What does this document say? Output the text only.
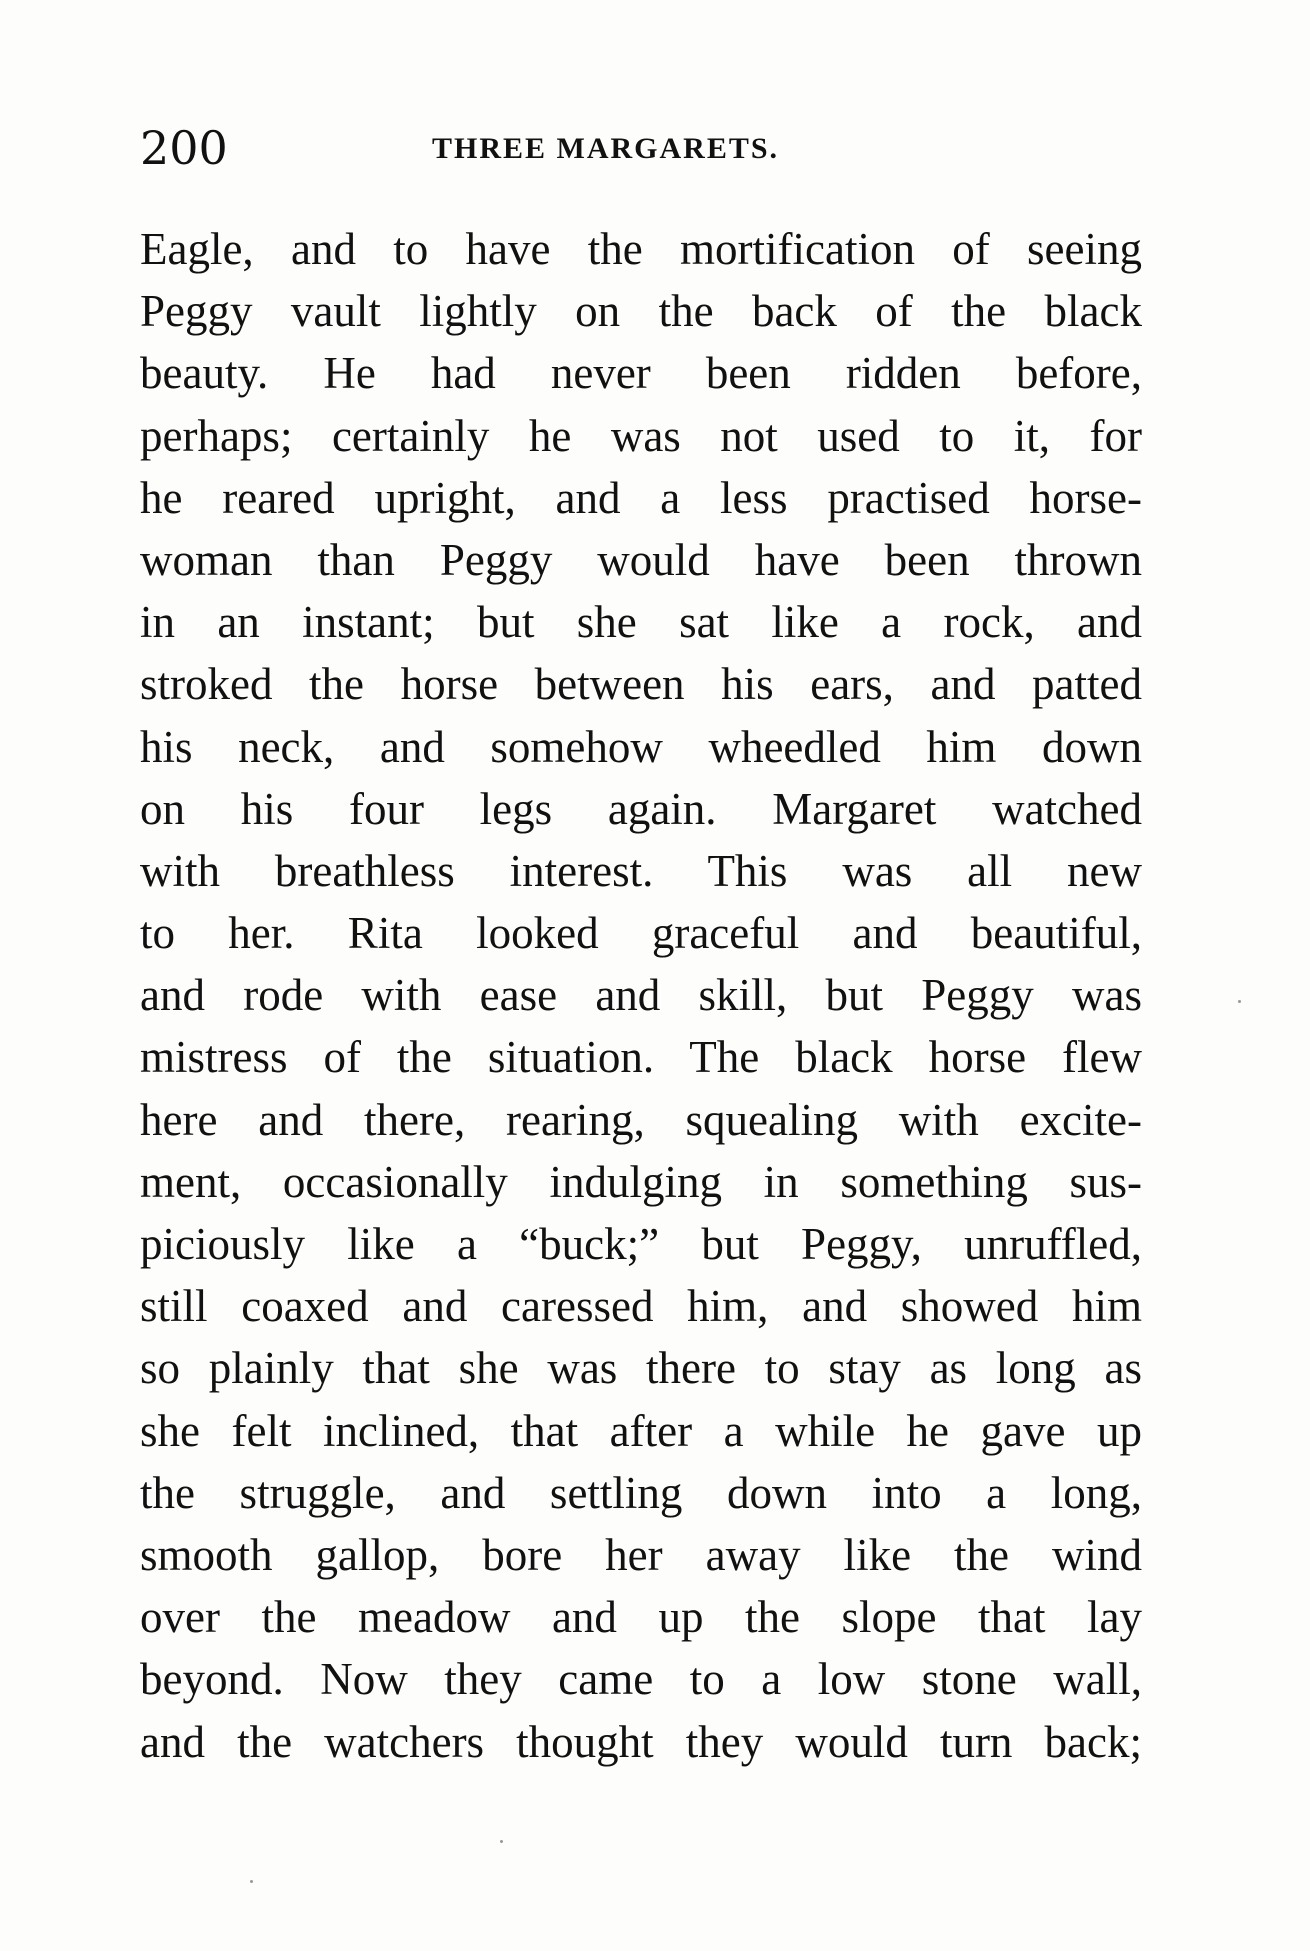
200	THREE MARGARETS.
Eagle, and to have the mortification of seeing
Peggy vault lightly on the back of the black
beauty. He had never been ridden before,
perhaps; certainly he was not used to it, for
he reared upright, and a less practised horse-
woman than Peggy would have been thrown
in an instant; but she sat like a rock, and
stroked the horse between his ears, and patted
his neck, and somehow wheedled him down
on his four legs again. Margaret watched
with breathless interest. This was all new
to her. Rita looked graceful and beautiful,
and rode with ease and skill, but Peggy was
mistress of the situation. The black horse flew
here and there, rearing, squealing with excite-
ment, occasionally indulging in something sus-
piciously like a “buck;” but Peggy, unruffled,
still coaxed and caressed him, and showed him
so plainly that she was there to stay as long as
she felt inclined, that after a while he gave up
the struggle, and settling down into a long,
smooth gallop, bore her away like the wind
over the meadow and up the slope that lay
beyond. Now they came to a low stone wall,
and the watchers thought they would turn back;
